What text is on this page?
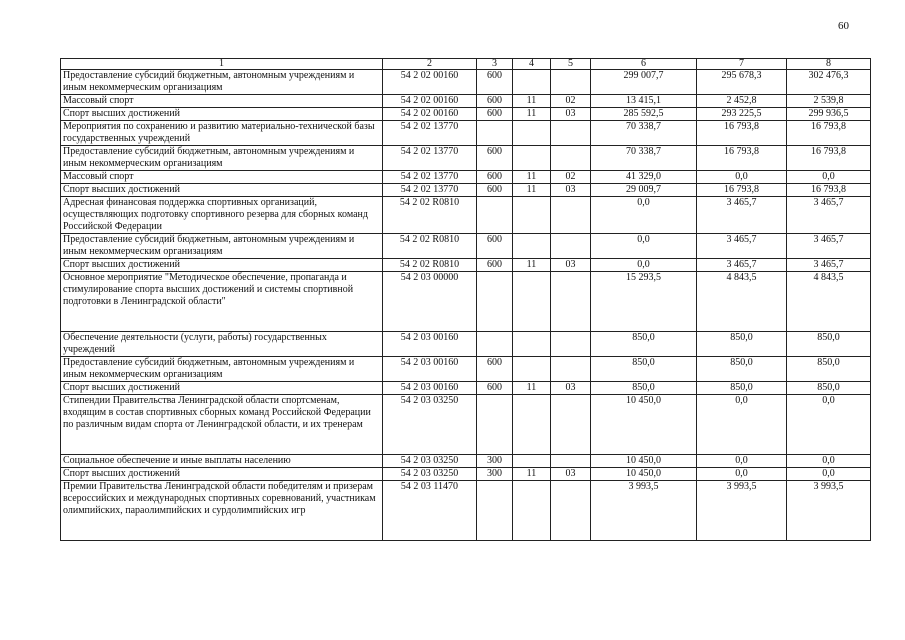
60
1	2	3	4	5	6	7	8
Предоставление субсидий бюджетным, автономным учреждениям и иным некоммерческим организациям	54 2 02 00160	600			299 007,7	295 678,3	302 476,3
Массовый спорт	54 2 02 00160	600	11	02	13 415,1	2 452,8	2 539,8
Спорт высших достижений	54 2 02 00160	600	11	03	285 592,5	293 225,5	299 936,5
Мероприятия по сохранению и развитию материально-технической базы государственных учреждений	54 2 02 13770				70 338,7	16 793,8	16 793,8
Предоставление субсидий бюджетным, автономным учреждениям и иным некоммерческим организациям	54 2 02 13770	600			70 338,7	16 793,8	16 793,8
Массовый спорт	54 2 02 13770	600	11	02	41 329,0	0,0	0,0
Спорт высших достижений	54 2 02 13770	600	11	03	29 009,7	16 793,8	16 793,8
Адресная финансовая поддержка спортивных организаций, осуществляющих подготовку спортивного резерва для сборных команд Российской Федерации	54 2 02 R0810				0,0	3 465,7	3 465,7
Предоставление субсидий бюджетным, автономным учреждениям и иным некоммерческим организациям	54 2 02 R0810	600			0,0	3 465,7	3 465,7
Спорт высших достижений	54 2 02 R0810	600	11	03	0,0	3 465,7	3 465,7
Основное мероприятие "Методическое обеспечение, пропаганда и стимулирование спорта высших достижений и системы спортивной подготовки в Ленинградской области"	54 2 03 00000				15 293,5	4 843,5	4 843,5
Обеспечение деятельности (услуги, работы) государственных учреждений	54 2 03 00160				850,0	850,0	850,0
Предоставление субсидий бюджетным, автономным учреждениям и иным некоммерческим организациям	54 2 03 00160	600			850,0	850,0	850,0
Спорт высших достижений	54 2 03 00160	600	11	03	850,0	850,0	850,0
Стипендии Правительства Ленинградской области спортсменам, входящим в состав спортивных сборных команд Российской Федерации по различным видам спорта от Ленинградской области, и их тренерам	54 2 03 03250				10 450,0	0,0	0,0
Социальное обеспечение и иные выплаты населению	54 2 03 03250	300			10 450,0	0,0	0,0
Спорт высших достижений	54 2 03 03250	300	11	03	10 450,0	0,0	0,0
Премии Правительства Ленинградской области победителям и призерам всероссийских и международных спортивных соревнований, участникам олимпийских, параолимпийских и сурдолимпийских игр	54 2 03 11470				3 993,5	3 993,5	3 993,5
